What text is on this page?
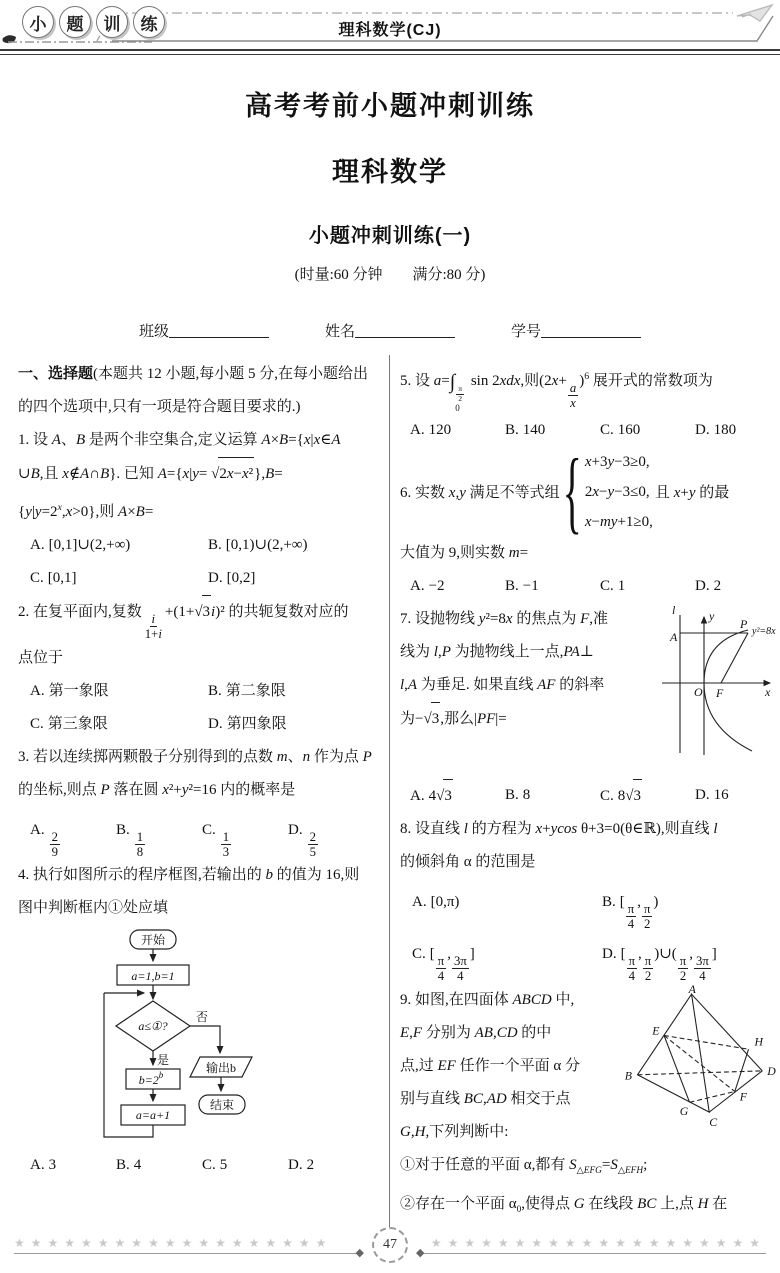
小	题	训	练	理科数学(CJ)
高考考前小题冲刺训练
理科数学
小题冲刺训练(一)
(时量:60 分钟　　满分:80 分)
班级	姓名	学号
一、选择题(本题共 12 小题,每小题 5 分,在每小题给出
的四个选项中,只有一项是符合题目要求的.)
1. 设 A、B 是两个非空集合,定义运算 A×B={x|x∈A
∪B,且 x∉A∩B}. 已知 A={x|y= √2x−x²},B=
$\{y|y=2^x,x>0\}$,则 A×B=
A. [0,1]∪(2,+∞)	B. [0,1)∪(2,+∞)
C. [0,1]	D. [0,2]
2. 在复平面内,复数 $\frac{i}{1+i} +(1+√3i)^2$ 的共轭复数对应的
点位于
A. 第一象限	B. 第二象限
C. 第三象限	D. 第四象限
3. 若以连续掷两颗骰子分别得到的点数 m、n 作为点 P
的坐标,则点 P 落在圆 x²+y²=16 内的概率是
A. $\frac{2}{9}$	B. $\frac{1}{8}$	C. $\frac{1}{3}$	D. $\frac{2}{5}$
4. 执行如图所示的程序框图,若输出的 b 的值为 16,则
图中判断框内①处应填
开始
a=1,b=1
a≤①?
否
是
$b=2^b$	输出b
a=a+1
结束
A. 3	B. 4	C. 5	D. 2
5. 设 a=∫
$\frac{\pi}{2}$
0
sin 2xdx,则$(2x+ \frac{a}{x} )^6$ 展开式的常数项为
A. 120	B. 140	C. 160	D. 180
6. 实数 x,y 满足不等式组 { x+3y−3≥0,
2x−y−3≤0,
x−my+1≥0,
且 x+y 的最
大值为 9,则实数 m=
A. −2	B. −1	C. 1	D. 2
7. 设抛物线 y²=8x 的焦点为 F,准
线为 l,P 为抛物线上一点,PA⊥
l,A 为垂足. 如果直线 AF 的斜率
为−√3,那么|PF|=
l
A
y
P
O F	x
y²=8x
A. 4√3	B. 8	C. 8√3	D. 16
8. 设直线 l 的方程为 x+ycos θ+3=0(θ∈ℝ),则直线 l
的倾斜角 α 的范围是
A. [0,π)	B. [ $\frac{\pi}{4}$ , $\frac{\pi}{2}$ )
C. [ $\frac{\pi}{4}$ , $\frac{3\pi}{4}$ ]	D. [ $\frac{\pi}{4}$ , $\frac{\pi}{2}$ )∪( $\frac{\pi}{2}$ , $\frac{3\pi}{4}$ ]
9. 如图,在四面体 ABCD 中,
E,F 分别为 AB,CD 的中
点,过 EF 任作一个平面 α 分
别与直线 BC,AD 相交于点
G,H,下列判断中:
A
B
C
D
E
F
G
H
①对于任意的平面 α,都有 $S_{\triangle EFG}=S_{\triangle EFH}$;
②存在一个平面 $\alpha_0$,使得点 G 在线段 BC 上,点 H 在
★★★★★★★★★★★★★★★★★★★
◆
47	★★★★★★★★★★★★★★★★★★★★
◆
